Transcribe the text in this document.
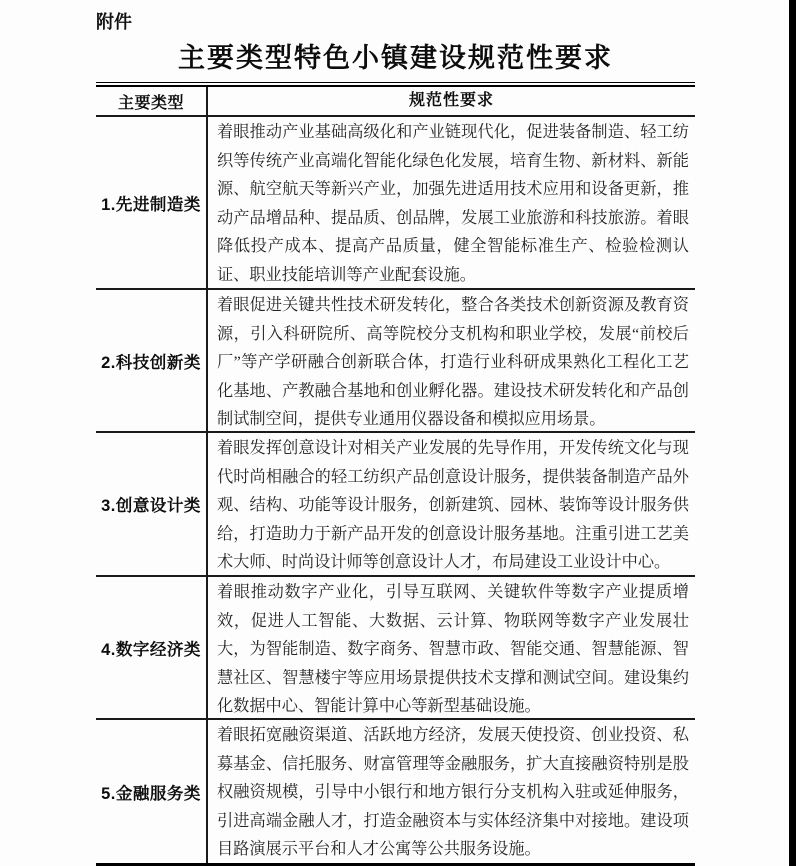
附件
主要类型特色小镇建设规范性要求
主要类型	规范性要求
1.先进制造类
着眼推动产业基础高级化和产业链现代化，促进装备制造、轻工纺织等传统产业高端化智能化绿色化发展，培育生物、新材料、新能源、航空航天等新兴产业，加强先进适用技术应用和设备更新，推动产品增品种、提品质、创品牌，发展工业旅游和科技旅游。着眼降低投产成本、提高产品质量，健全智能标准生产、检验检测认证、职业技能培训等产业配套设施。
2.科技创新类
着眼促进关键共性技术研发转化，整合各类技术创新资源及教育资源，引入科研院所、高等院校分支机构和职业学校，发展“前校后厂”等产学研融合创新联合体，打造行业科研成果熟化工程化工艺化基地、产教融合基地和创业孵化器。建设技术研发转化和产品创制试制空间，提供专业通用仪器设备和模拟应用场景。
3.创意设计类
着眼发挥创意设计对相关产业发展的先导作用，开发传统文化与现代时尚相融合的轻工纺织产品创意设计服务，提供装备制造产品外观、结构、功能等设计服务，创新建筑、园林、装饰等设计服务供给，打造助力于新产品开发的创意设计服务基地。注重引进工艺美术大师、时尚设计师等创意设计人才，布局建设工业设计中心。
4.数字经济类
着眼推动数字产业化，引导互联网、关键软件等数字产业提质增效，促进人工智能、大数据、云计算、物联网等数字产业发展壮大，为智能制造、数字商务、智慧市政、智能交通、智慧能源、智慧社区、智慧楼宇等应用场景提供技术支撑和测试空间。建设集约化数据中心、智能计算中心等新型基础设施。
5.金融服务类
着眼拓宽融资渠道、活跃地方经济，发展天使投资、创业投资、私募基金、信托服务、财富管理等金融服务，扩大直接融资特别是股权融资规模，引导中小银行和地方银行分支机构入驻或延伸服务，引进高端金融人才，打造金融资本与实体经济集中对接地。建设项目路演展示平台和人才公寓等公共服务设施。
